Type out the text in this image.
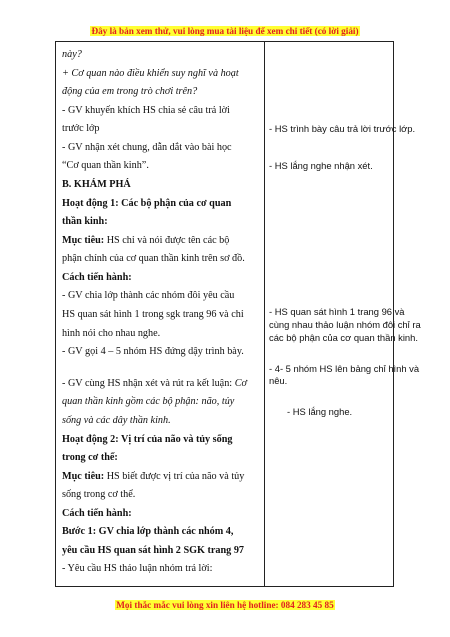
Đây là bản xem thử, vui lòng mua tài liệu để xem chi tiết (có lời giải)
này?
+ Cơ quan nào điều khiển suy nghĩ và hoạt
động của em trong trò chơi trên?
- GV khuyến khích HS chia sẻ câu trả lời
trước lớp
- GV nhận xét chung, dẫn dắt vào bài học
“Cơ quan thần kinh”.
B. KHÁM PHÁ
Hoạt động 1: Các bộ phận của cơ quan
thần kinh:
Mục tiêu: HS chỉ và nói được tên các bộ
phận chính của cơ quan thần kinh trên sơ đồ.
Cách tiến hành:
- GV chia lớp thành các nhóm đôi yêu cầu
HS quan sát hình 1 trong sgk trang 96 và chỉ
hình nói cho nhau nghe.
- GV gọi 4 – 5 nhóm HS đứng dậy trình bày.
- GV cùng HS nhận xét và rút ra kết luận: Cơ
quan thần kinh gồm các bộ phận: não, tủy
sống và các dây thần kinh.
Hoạt động 2: Vị trí của não và tủy sống
trong cơ thể:
Mục tiêu: HS biết được vị trí của não và tủy
sống trong cơ thể.
Cách tiến hành:
Bước 1: GV chia lớp thành các nhóm 4,
yêu cầu HS quan sát hình 2 SGK trang 97
- Yêu cầu HS thảo luận nhóm trả lời:
- HS trình bày câu trả lời trước lớp.
- HS lắng nghe nhận xét.
- HS quan sát hình 1 trang 96 và
cùng nhau thảo luận nhóm đôi chỉ ra
các bộ phận của cơ quan thần kinh.
- 4- 5 nhóm HS lên bảng chỉ hình và
nêu.
- HS lắng nghe.
Mọi thắc mắc vui lòng xin liên hệ hotline: 084 283 45 85
